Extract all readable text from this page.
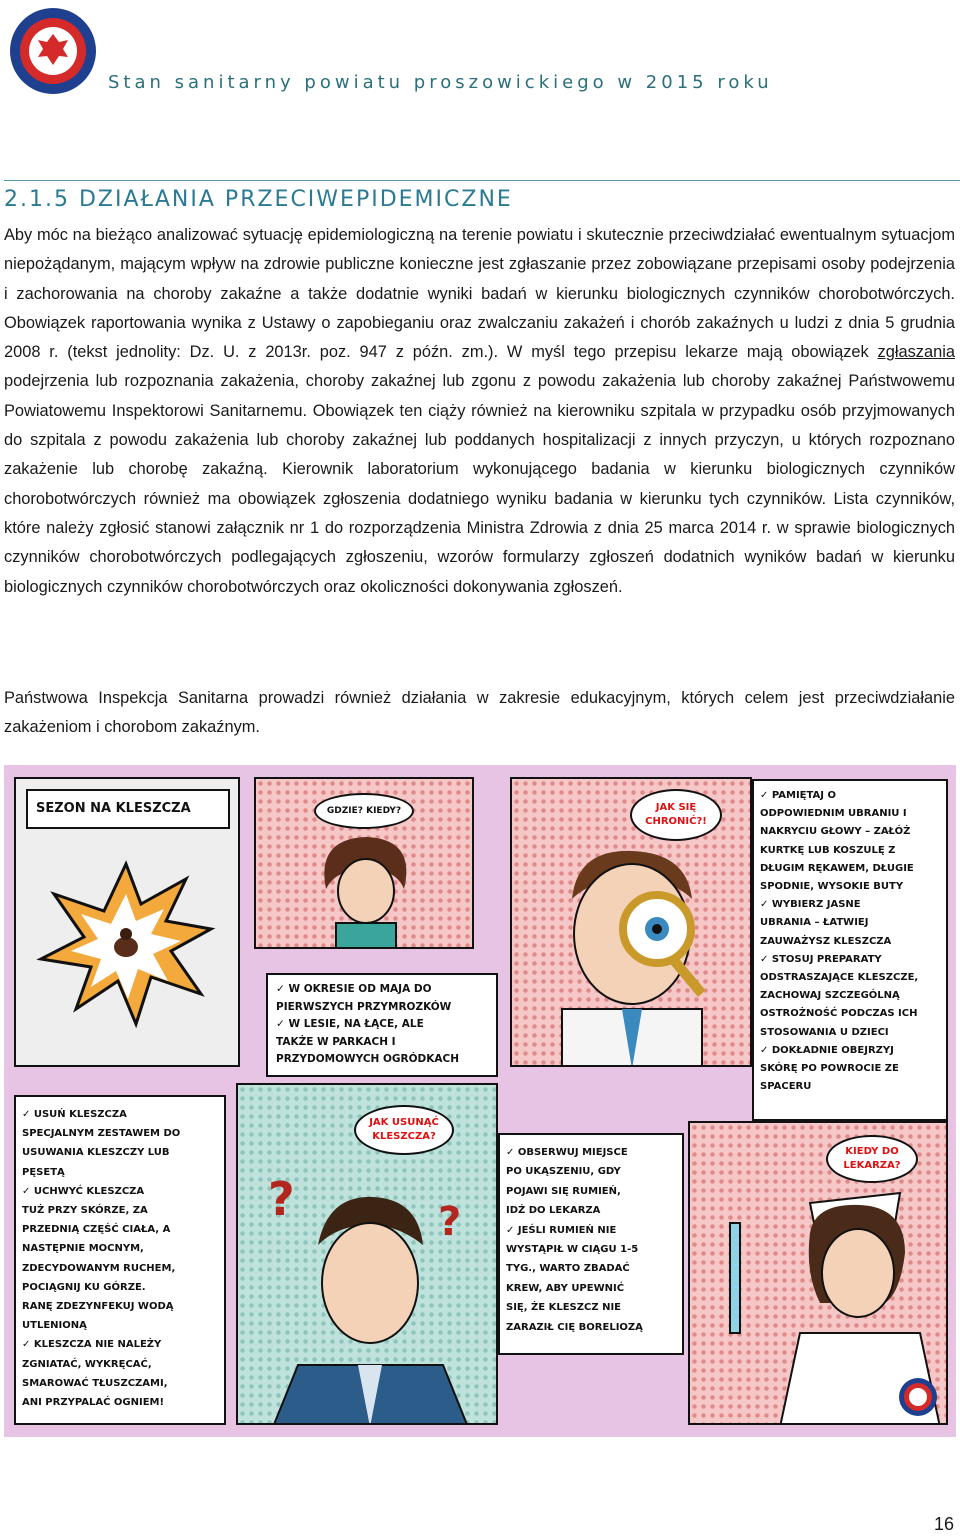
Stan sanitarny powiatu proszowickiego w 2015 roku
2.1.5 DZIAŁANIA PRZECIWEPIDEMICZNE

Aby móc na bieżąco analizować sytuację epidemiologiczną na terenie powiatu i skutecznie przeciwdziałać ewentualnym sytuacjom niepożądanym, mającym wpływ na zdrowie publiczne konieczne jest zgłaszanie przez zobowiązane przepisami osoby podejrzenia i zachorowania na choroby zakaźne a także dodatnie wyniki badań w kierunku biologicznych czynników chorobotwórczych. Obowiązek raportowania wynika z Ustawy o zapobieganiu oraz zwalczaniu zakażeń i chorób zakaźnych u ludzi z dnia 5 grudnia 2008 r. (tekst jednolity: Dz. U. z 2013r. poz. 947 z późn. zm.). W myśl tego przepisu lekarze mają obowiązek zgłaszania podejrzenia lub rozpoznania zakażenia, choroby zakaźnej lub zgonu z powodu zakażenia lub choroby zakaźnej Państwowemu Powiatowemu Inspektorowi Sanitarnemu. Obowiązek ten ciąży również na kierowniku szpitala w przypadku osób przyjmowanych do szpitala z powodu zakażenia lub choroby zakaźnej lub poddanych hospitalizacji z innych przyczyn, u których rozpoznano zakażenie lub chorobę zakaźną. Kierownik laboratorium wykonującego badania w kierunku biologicznych czynników chorobotwórczych również ma obowiązek zgłoszenia dodatniego wyniku badania w kierunku tych czynników. Lista czynników, które należy zgłosić stanowi załącznik nr 1 do rozporządzenia Ministra Zdrowia z dnia 25 marca 2014 r. w sprawie biologicznych czynników chorobotwórczych podlegających zgłoszeniu, wzorów formularzy zgłoszeń dodatnich wyników badań w kierunku biologicznych czynników chorobotwórczych oraz okoliczności dokonywania zgłoszeń.

Państwowa Inspekcja Sanitarna prowadzi również działania w zakresie edukacyjnym, których celem jest przeciwdziałanie zakażeniom i chorobom zakaźnym.

SEZON NA KLESZCZA	GDZIE? KIEDY?
✓ W OKRESIE OD MAJA DO
PIERWSZYCH PRZYMROZKÓW
✓ W LESIE, NA ŁĄCE, ALE
TAKŻE W PARKACH I
PRZYDOMOWYCH OGRÓDKACH
JAK SIĘ
CHRONIĆ?!
✓ PAMIĘTAJ O
ODPOWIEDNIM UBRANIU I
NAKRYCIU GŁOWY – ZAŁÓŻ
KURTKĘ LUB KOSZULĘ Z
DŁUGIM RĘKAWEM, DŁUGIE
SPODNIE, WYSOKIE BUTY
✓ WYBIERZ JASNE
UBRANIA – ŁATWIEJ
ZAUWAŻYSZ KLESZCZA
✓ STOSUJ PREPARATY
ODSTRASZAJĄCE KLESZCZE,
ZACHOWAJ SZCZEGÓLNĄ
OSTROŻNOŚĆ PODCZAS ICH
STOSOWANIA U DZIECI
✓ DOKŁADNIE OBEJRZYJ
SKÓRĘ PO POWROCIE ZE
SPACERU
✓ USUŃ KLESZCZA
SPECJALNYM ZESTAWEM DO
USUWANIA KLESZCZY LUB
PĘSETĄ
✓ UCHWYĆ KLESZCZA
TUŻ PRZY SKÓRZE, ZA
PRZEDNIĄ CZĘŚĆ CIAŁA, A
NASTĘPNIE MOCNYM,
ZDECYDOWANYM RUCHEM,
POCIĄGNIJ KU GÓRZE.
RANĘ ZDEZYNFEKUJ WODĄ
UTLENIONĄ
✓ KLESZCZA NIE NALEŻY
ZGNIATAĆ, WYKRĘCAĆ,
SMAROWAĆ TŁUSZCZAMI,
ANI PRZYPALAĆ OGNIEM!
JAK USUNĄĆ
KLESZCZA?
?	?
✓ OBSERWUJ MIEJSCE
PO UKĄSZENIU, GDY
POJAWI SIĘ RUMIEŃ,
IDŹ DO LEKARZA
✓ JEŚLI RUMIEŃ NIE
WYSTĄPIŁ W CIĄGU 1-5
TYG., WARTO ZBADAĆ
KREW, ABY UPEWNIĆ
SIĘ, ŻE KLESZCZ NIE
ZARAZIŁ CIĘ BORELIOZĄ
KIEDY DO
LEKARZA?
16
